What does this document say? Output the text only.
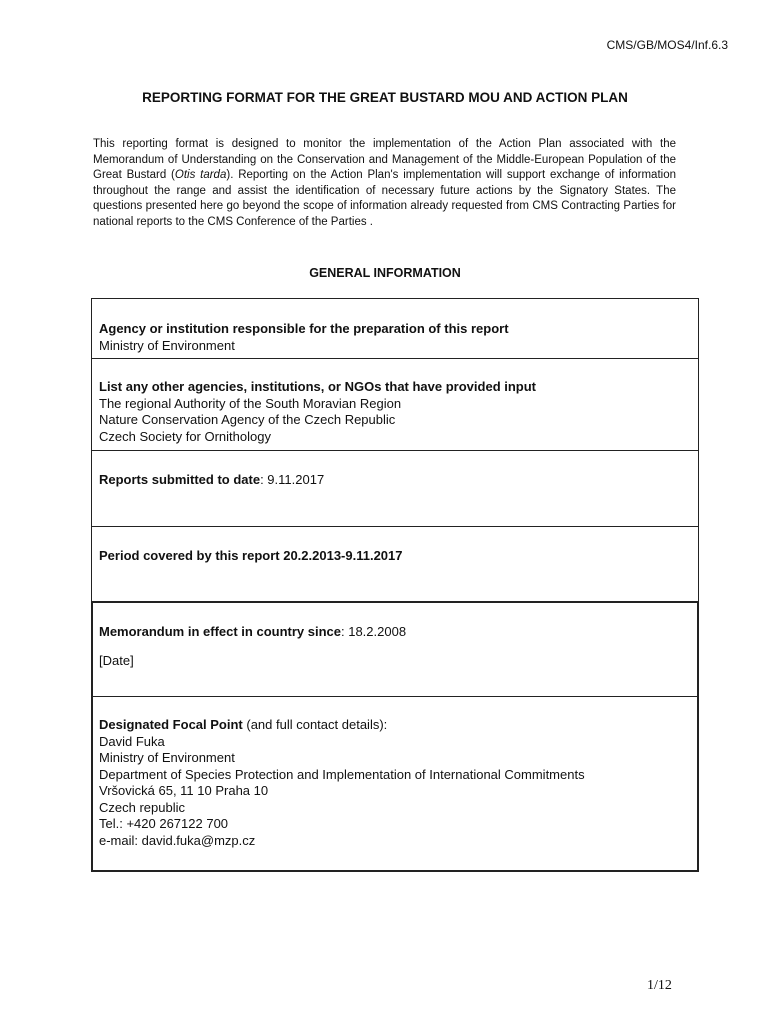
CMS/GB/MOS4/Inf.6.3
REPORTING FORMAT FOR THE GREAT BUSTARD MOU AND ACTION PLAN
This reporting format is designed to monitor the implementation of the Action Plan associated with the Memorandum of Understanding on the Conservation and Management of the Middle-European Population of the Great Bustard (Otis tarda). Reporting on the Action Plan's implementation will support exchange of information throughout the range and assist the identification of necessary future actions by the Signatory States. The questions presented here go beyond the scope of information already requested from CMS Contracting Parties for national reports to the CMS Conference of the Parties .
GENERAL INFORMATION
Agency or institution responsible for the preparation of this report
Ministry of Environment
List any other agencies, institutions, or NGOs that have provided input
The regional Authority of the South Moravian Region
Nature Conservation Agency of the Czech Republic
Czech Society for Ornithology
Reports submitted to date: 9.11.2017
Period covered by this report 20.2.2013-9.11.2017
Memorandum in effect in country since: 18.2.2008
[Date]
Designated Focal Point (and full contact details):
David Fuka
Ministry of Environment
Department of Species Protection and Implementation of International Commitments
Vršovická 65, 11 10 Praha 10
Czech republic
Tel.: +420 267122 700
e-mail: david.fuka@mzp.cz
1/12
